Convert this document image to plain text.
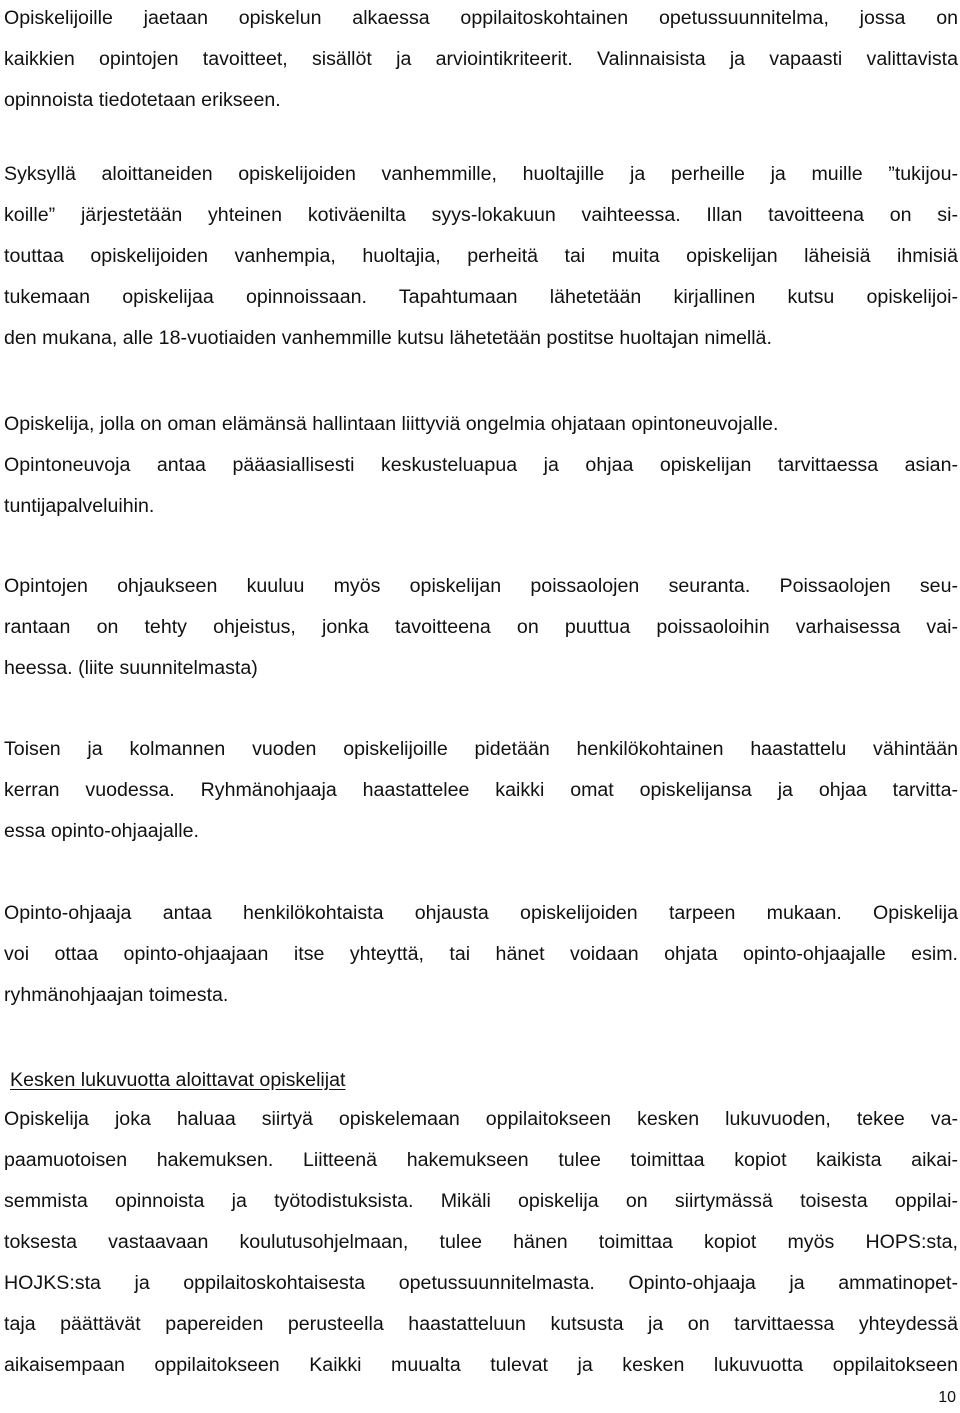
Opiskelijoille jaetaan opiskelun alkaessa oppilaitoskohtainen opetussuunnitelma, jossa on
kaikkien opintojen tavoitteet, sisällöt ja arviointikriteerit. Valinnaisista ja vapaasti valittavista
opinnoista tiedotetaan erikseen.

Syksyllä aloittaneiden opiskelijoiden vanhemmille, huoltajille ja perheille ja muille ”tukijou-
koille” järjestetään yhteinen kotiväenilta syys-lokakuun vaihteessa. Illan tavoitteena on si-
touttaa opiskelijoiden vanhempia, huoltajia, perheitä tai muita opiskelijan läheisiä ihmisiä
tukemaan opiskelijaa opinnoissaan. Tapahtumaan lähetetään kirjallinen kutsu opiskelijoi-
den mukana, alle 18-vuotiaiden vanhemmille kutsu lähetetään postitse huoltajan nimellä.

Opiskelija, jolla on oman elämänsä hallintaan liittyviä ongelmia ohjataan opintoneuvojalle.
Opintoneuvoja antaa pääasiallisesti keskusteluapua ja ohjaa opiskelijan tarvittaessa asian-
tuntijapalveluihin.

Opintojen ohjaukseen kuuluu myös opiskelijan poissaolojen seuranta. Poissaolojen seu-
rantaan on tehty ohjeistus, jonka tavoitteena on puuttua poissaoloihin varhaisessa vai-
heessa. (liite suunnitelmasta)

Toisen ja kolmannen vuoden opiskelijoille pidetään henkilökohtainen haastattelu vähintään
kerran vuodessa. Ryhmänohjaaja haastattelee kaikki omat opiskelijansa ja ohjaa tarvitta-
essa opinto-ohjaajalle.

Opinto-ohjaaja antaa henkilökohtaista ohjausta opiskelijoiden tarpeen mukaan. Opiskelija
voi ottaa opinto-ohjaajaan itse yhteyttä, tai hänet voidaan ohjata opinto-ohjaajalle esim.
ryhmänohjaajan toimesta.

Kesken lukuvuotta aloittavat opiskelijat

Opiskelija joka haluaa siirtyä opiskelemaan oppilaitokseen kesken lukuvuoden, tekee va-
paamuotoisen hakemuksen. Liitteenä hakemukseen tulee toimittaa kopiot kaikista aikai-
semmista opinnoista ja työtodistuksista. Mikäli opiskelija on siirtymässä toisesta oppilai-
toksesta vastaavaan koulutusohjelmaan, tulee hänen toimittaa kopiot myös HOPS:sta,
HOJKS:sta ja oppilaitoskohtaisesta opetussuunnitelmasta. Opinto-ohjaaja ja ammatinopet-
taja päättävät papereiden perusteella haastatteluun kutsusta ja on tarvittaessa yhteydessä
aikaisempaan oppilaitokseen Kaikki muualta tulevat ja kesken lukuvuotta oppilaitokseen

10
